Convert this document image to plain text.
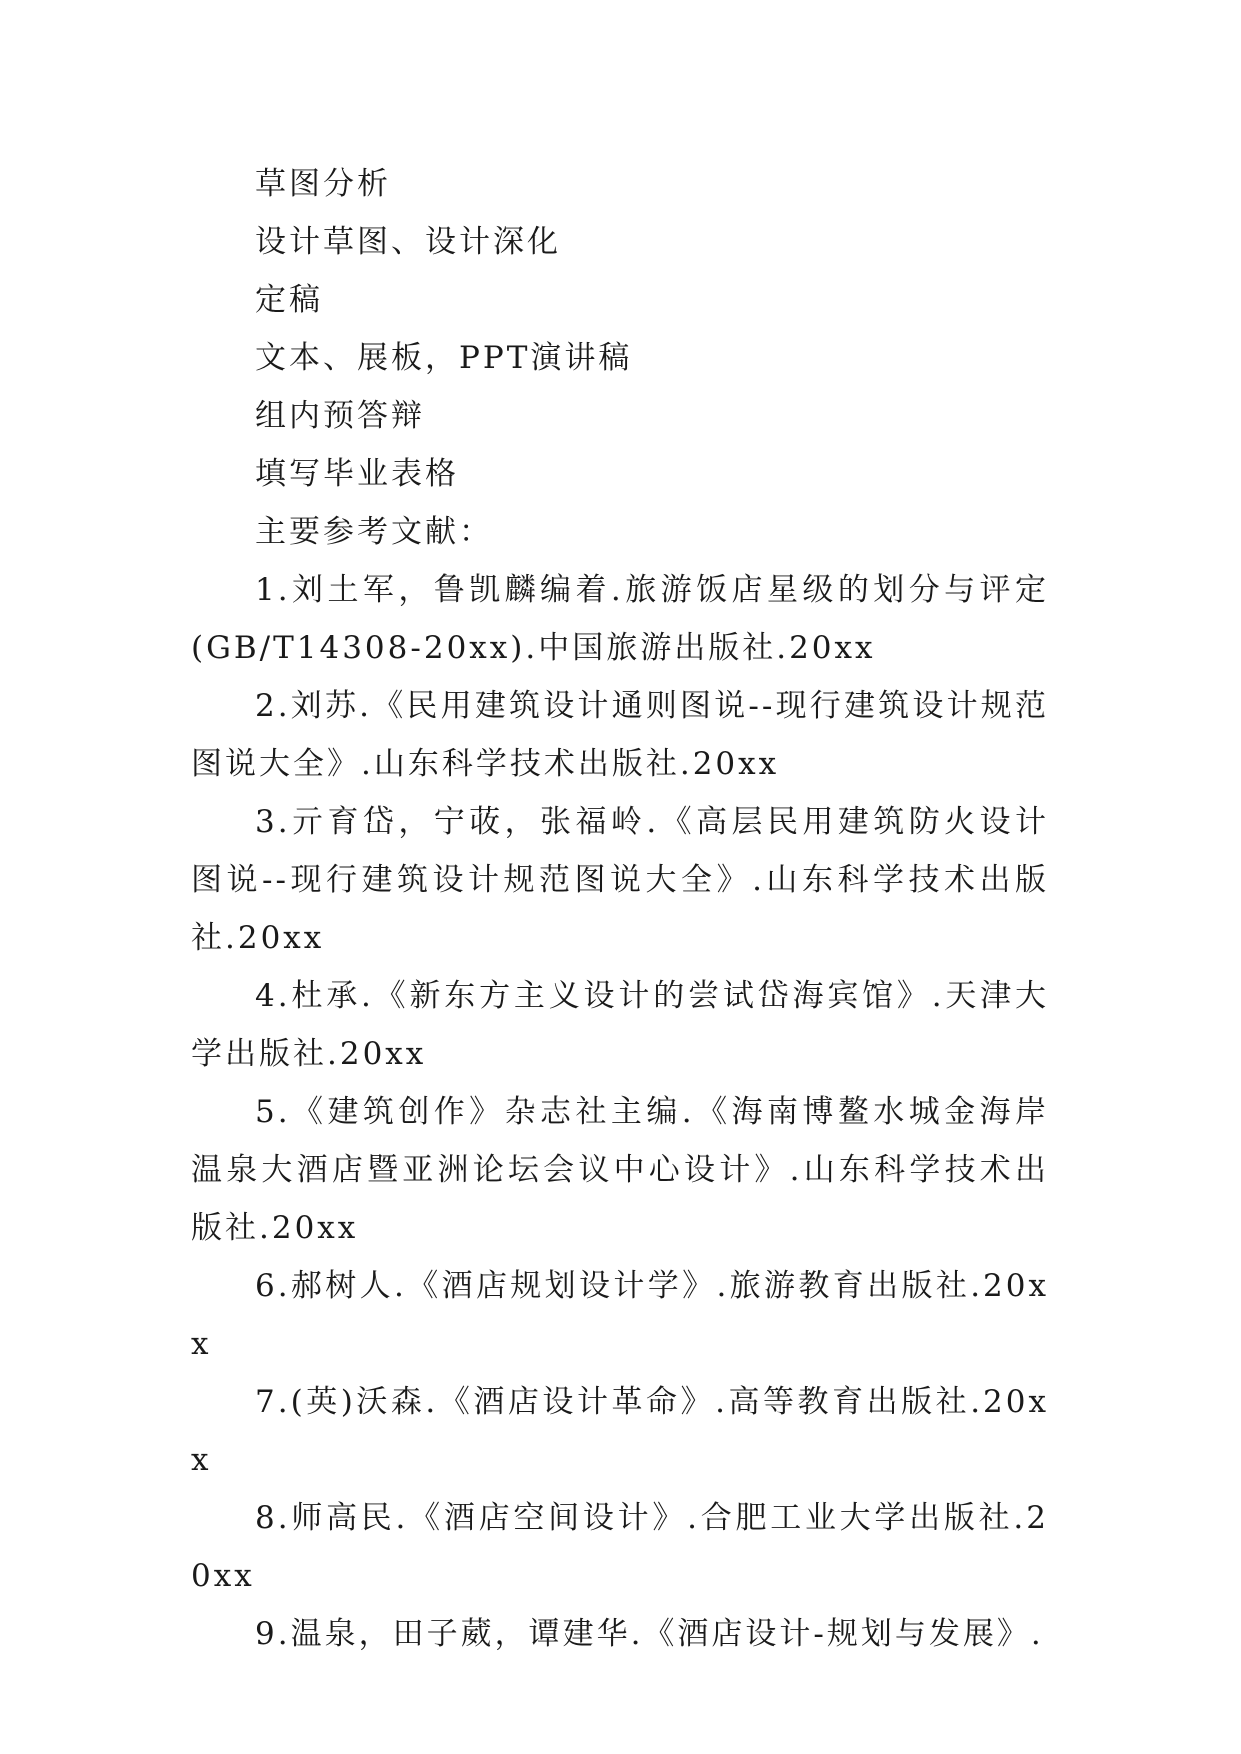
草图分析

设计草图、设计深化

定稿

文本、展板，PPT演讲稿

组内预答辩

填写毕业表格

主要参考文献：

1.刘土军，鲁凯麟编着.旅游饭店星级的划分与评定(GB/T14308-20xx).中国旅游出版社.20xx

2.刘苏.《民用建筑设计通则图说--现行建筑设计规范图说大全》.山东科学技术出版社.20xx

3.亓育岱，宁荍，张福岭.《高层民用建筑防火设计图说--现行建筑设计规范图说大全》.山东科学技术出版社.20xx

4.杜承.《新东方主义设计的尝试岱海宾馆》.天津大学出版社.20xx

5.《建筑创作》杂志社主编.《海南博鳌水城金海岸温泉大酒店暨亚洲论坛会议中心设计》.山东科学技术出版社.20xx

6.郝树人.《酒店规划设计学》.旅游教育出版社.20xx

7.(英)沃森.《酒店设计革命》.高等教育出版社.20xx

8.师高民.《酒店空间设计》.合肥工业大学出版社.20xx

9.温泉，田子葳，谭建华.《酒店设计-规划与发展》.
